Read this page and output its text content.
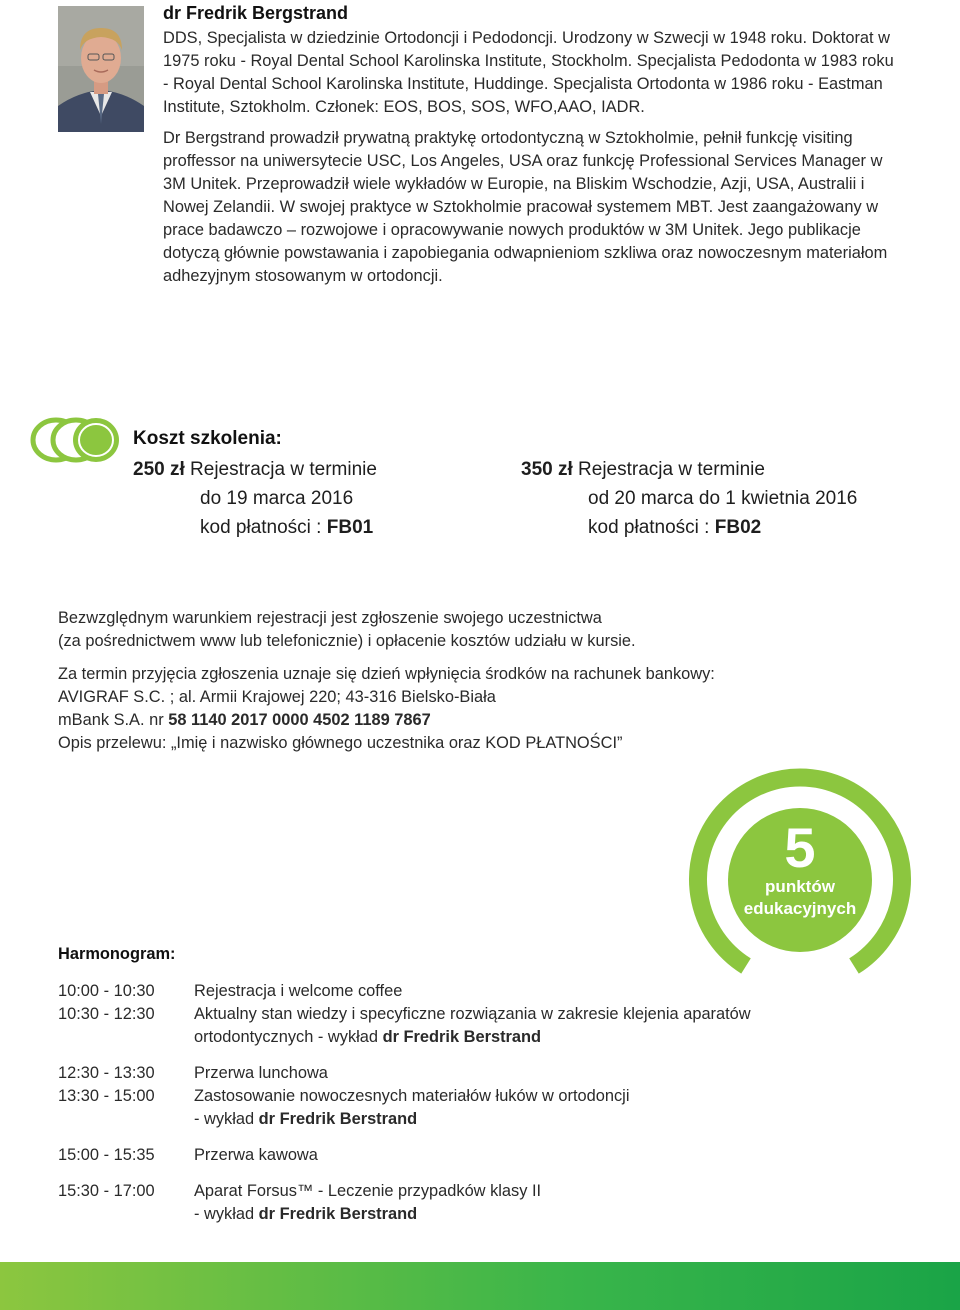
dr Fredrik Bergstrand

DDS, Specjalista w dziedzinie Ortodoncji i Pedodoncji. Urodzony w Szwecji w 1948 roku. Doktorat w 1975 roku - Royal Dental School Karolinska Institute, Stockholm. Specjalista Pedodonta w 1983 roku - Royal Dental School Karolinska Institute, Huddinge. Specjalista Ortodonta w 1986 roku - Eastman Institute, Sztokholm. Członek: EOS, BOS, SOS, WFO,AAO, IADR.

Dr Bergstrand prowadził prywatną praktykę ortodontyczną w Sztokholmie, pełnił funkcję visiting proffessor na uniwersytecie USC, Los Angeles, USA oraz funkcję Professional Services Manager w 3M Unitek. Przeprowadził wiele wykładów w Europie, na Bliskim Wschodzie, Azji, USA, Australii i Nowej Zelandii. W swojej praktyce w Sztokholmie pracował systemem MBT. Jest zaangażowany w prace badawczo – rozwojowe i opracowywanie nowych produktów w 3M Unitek. Jego publikacje dotyczą głównie powstawania i zapobiegania odwapnieniom szkliwa oraz nowoczesnym materiałom adhezyjnym stosowanym w ortodoncji.

Koszt szkolenia:
250 zł Rejestracja w terminie
do 19 marca 2016
kod płatności : FB01
350 zł Rejestracja w terminie
od 20 marca do 1 kwietnia 2016
kod płatności : FB02

Bezwzględnym warunkiem rejestracji jest zgłoszenie swojego uczestnictwa
(za pośrednictwem www lub telefonicznie) i opłacenie kosztów udziału w kursie.

Za termin przyjęcia zgłoszenia uznaje się dzień wpłynięcia środków na rachunek bankowy:
AVIGRAF S.C. ; al. Armii Krajowej 220; 43-316 Bielsko-Biała
mBank S.A. nr 58 1140 2017 0000 4502 1189 7867
Opis przelewu: „Imię i nazwisko głównego uczestnika oraz KOD PŁATNOŚCI”

5
punktów
edukacyjnych
Harmonogram:
10:00 - 10:30	Rejestracja i welcome coffee
10:30 - 12:30	Aktualny stan wiedzy i specyficzne rozwiązania w zakresie klejenia aparatów
ortodontycznych - wykład dr Fredrik Berstrand
12:30 - 13:30	Przerwa lunchowa
13:30 - 15:00	Zastosowanie nowoczesnych materiałów łuków w ortodoncji
- wykład dr Fredrik Berstrand
15:00 - 15:35	Przerwa kawowa
15:30 - 17:00	Aparat Forsus™ - Leczenie przypadków klasy II
- wykład dr Fredrik Berstrand
